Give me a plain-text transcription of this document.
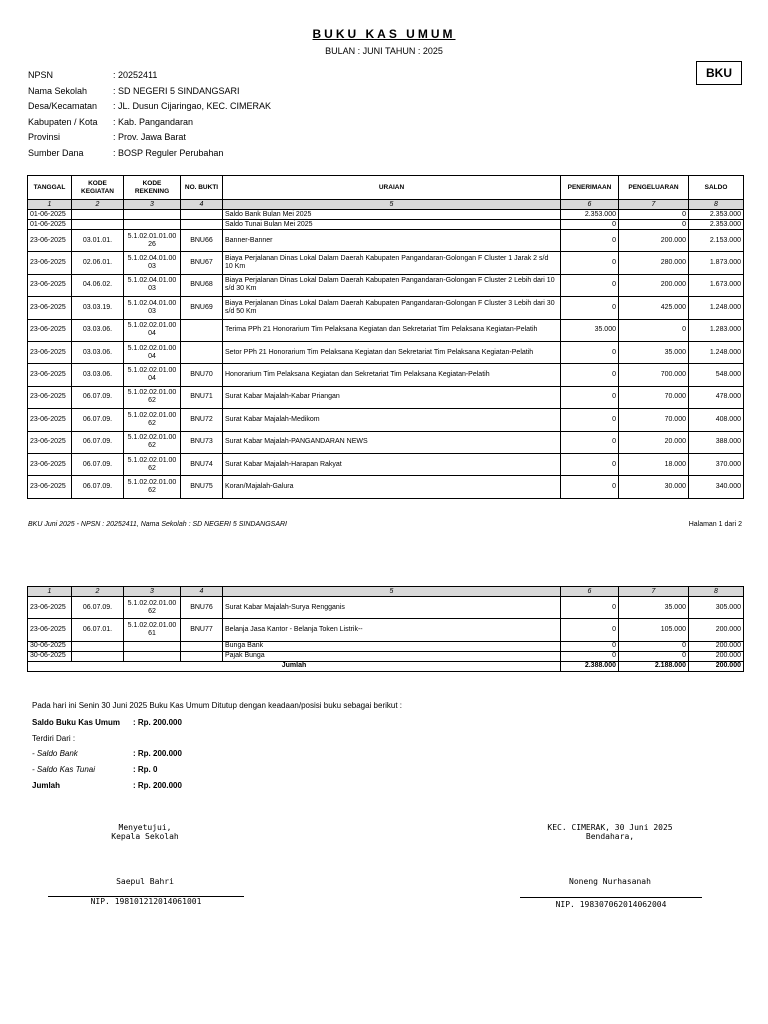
BUKU KAS UMUM
BULAN : JUNI TAHUN : 2025
BKU
NPSN	: 20252411
Nama Sekolah	: SD NEGERI 5 SINDANGSARI
Desa/Kecamatan : JL. Dusun Cijaringao, KEC. CIMERAK
Kabupaten / Kota : Kab. Pangandaran
Provinsi	: Prov. Jawa Barat
Sumber Dana	: BOSP Reguler Perubahan
TANGGAL	KODE KEGIATAN	KODE REKENING	NO. BUKTI	URAIAN	PENERIMAAN	PENGELUARAN	SALDO
1	2	3	4	5	6	7	8
01-06-2025				Saldo Bank Bulan Mei 2025	2.353.000	0	2.353.000
01-06-2025				Saldo Tunai Bulan Mei 2025	0	0	2.353.000
23-06-2025	03.01.01.	5.1.02.01.01.0026	BNU66	Banner-Banner	0	200.000	2.153.000
23-06-2025	02.06.01.	5.1.02.04.01.0003	BNU67	Biaya Perjalanan Dinas Lokal Dalam Daerah Kabupaten Pangandaran-Golongan F Cluster 1 Jarak 2 s/d 10 Km	0	280.000	1.873.000
23-06-2025	04.06.02.	5.1.02.04.01.0003	BNU68	Biaya Perjalanan Dinas Lokal Dalam Daerah Kabupaten Pangandaran-Golongan F Cluster 2 Lebih dari 10 s/d 30 Km	0	200.000	1.673.000
23-06-2025	03.03.19.	5.1.02.04.01.0003	BNU69	Biaya Perjalanan Dinas Lokal Dalam Daerah Kabupaten Pangandaran-Golongan F Cluster 3 Lebih dari 30 s/d 50 Km	0	425.000	1.248.000
23-06-2025	03.03.06.	5.1.02.02.01.0004		Terima PPh 21 Honorarium Tim Pelaksana Kegiatan dan Sekretariat Tim Pelaksana Kegiatan-Pelatih	35.000	0	1.283.000
23-06-2025	03.03.06.	5.1.02.02.01.0004		Setor PPh 21 Honorarium Tim Pelaksana Kegiatan dan Sekretariat Tim Pelaksana Kegiatan-Pelatih	0	35.000	1.248.000
23-06-2025	03.03.06.	5.1.02.02.01.0004	BNU70	Honorarium Tim Pelaksana Kegiatan dan Sekretariat Tim Pelaksana Kegiatan-Pelatih	0	700.000	548.000
23-06-2025	06.07.09.	5.1.02.02.01.0062	BNU71	Surat Kabar Majalah-Kabar Priangan	0	70.000	478.000
23-06-2025	06.07.09.	5.1.02.02.01.0062	BNU72	Surat Kabar Majalah-Medikom	0	70.000	408.000
23-06-2025	06.07.09.	5.1.02.02.01.0062	BNU73	Surat Kabar Majalah-PANGANDARAN NEWS	0	20.000	388.000
23-06-2025	06.07.09.	5.1.02.02.01.0062	BNU74	Surat Kabar Majalah-Harapan Rakyat	0	18.000	370.000
23-06-2025	06.07.09.	5.1.02.02.01.0062	BNU75	Koran/Majalah-Galura	0	30.000	340.000
BKU Juni 2025 - NPSN : 20252411, Nama Sekolah : SD NEGERI 5 SINDANGSARI	Halaman 1 dari 2
1	2	3	4	5	6	7	8
23-06-2025	06.07.09.	5.1.02.02.01.0062	BNU76	Surat Kabar Majalah-Surya Rengganis	0	35.000	305.000
23-06-2025	06.07.01.	5.1.02.02.01.0061	BNU77	Belanja Jasa Kantor - Belanja Token Listrik--	0	105.000	200.000
30-06-2025				Bunga Bank	0	0	200.000
30-06-2025				Pajak Bunga	0	0	200.000
Jumlah					2.388.000	2.188.000	200.000
Pada hari ini Senin 30 Juni 2025 Buku Kas Umum Ditutup dengan keadaan/posisi buku sebagai berikut :
Saldo Buku Kas Umum : Rp. 200.000
Terdiri Dari :
- Saldo Bank	: Rp. 200.000
- Saldo Kas Tunai	: Rp. 0
Jumlah	: Rp. 200.000
Menyetujui,
Kepala Sekolah
Saepul Bahri
NIP. 198101212014061001
KEC. CIMERAK, 30 Juni 2025
Bendahara,
Noneng Nurhasanah
NIP. 198307062014062004
